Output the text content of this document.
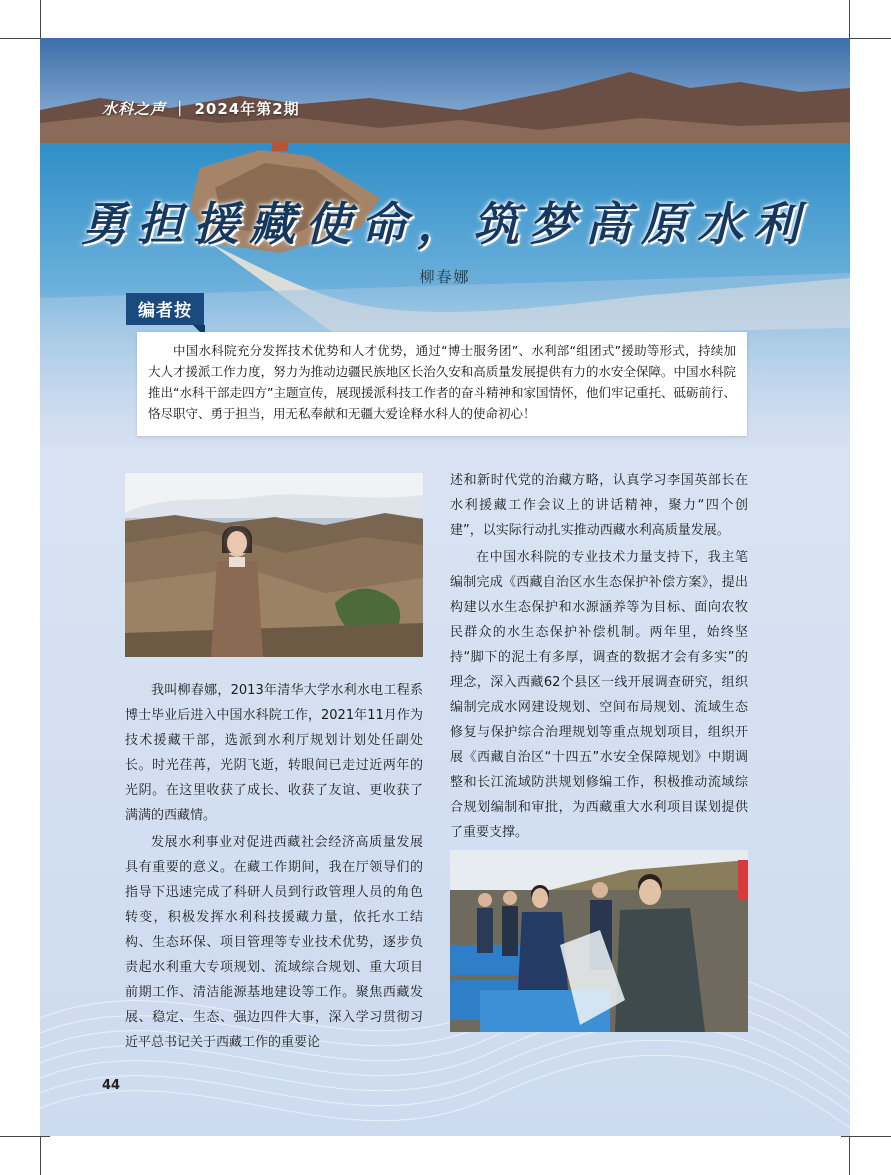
水科之声 ｜ 2024年第2期
勇担援藏使命，筑梦高原水利
柳春娜
编者按

中国水科院充分发挥技术优势和人才优势，通过“博士服务团”、水利部“组团式”援助等形式，持续加大人才援派工作力度，努力为推动边疆民族地区长治久安和高质量发展提供有力的水安全保障。中国水科院推出“水科干部走四方”主题宣传，展现援派科技工作者的奋斗精神和家国情怀，他们牢记重托、砥砺前行、恪尽职守、勇于担当，用无私奉献和无疆大爱诠释水科人的使命初心！

我叫柳春娜，2013年清华大学水利水电工程系博士毕业后进入中国水科院工作，2021年11月作为技术援藏干部，选派到水利厅规划计划处任副处长。时光荏苒，光阴飞逝，转眼间已走过近两年的光阴。在这里收获了成长、收获了友谊、更收获了满满的西藏情。

发展水利事业对促进西藏社会经济高质量发展具有重要的意义。在藏工作期间，我在厅领导们的指导下迅速完成了科研人员到行政管理人员的角色转变，积极发挥水利科技援藏力量，依托水工结构、生态环保、项目管理等专业技术优势，逐步负责起水利重大专项规划、流域综合规划、重大项目前期工作、清洁能源基地建设等工作。聚焦西藏发展、稳定、生态、强边四件大事，深入学习贯彻习近平总书记关于西藏工作的重要论

述和新时代党的治藏方略，认真学习李国英部长在水利援藏工作会议上的讲话精神，聚力“四个创建”，以实际行动扎实推动西藏水利高质量发展。

在中国水科院的专业技术力量支持下，我主笔编制完成《西藏自治区水生态保护补偿方案》，提出构建以水生态保护和水源涵养等为目标、面向农牧民群众的水生态保护补偿机制。两年里，始终坚持“脚下的泥土有多厚，调查的数据才会有多实”的理念，深入西藏62个县区一线开展调查研究，组织编制完成水网建设规划、空间布局规划、流域生态修复与保护综合治理规划等重点规划项目，组织开展《西藏自治区“十四五”水安全保障规划》中期调整和长江流域防洪规划修编工作，积极推动流域综合规划编制和审批，为西藏重大水利项目谋划提供了重要支撑。

44
